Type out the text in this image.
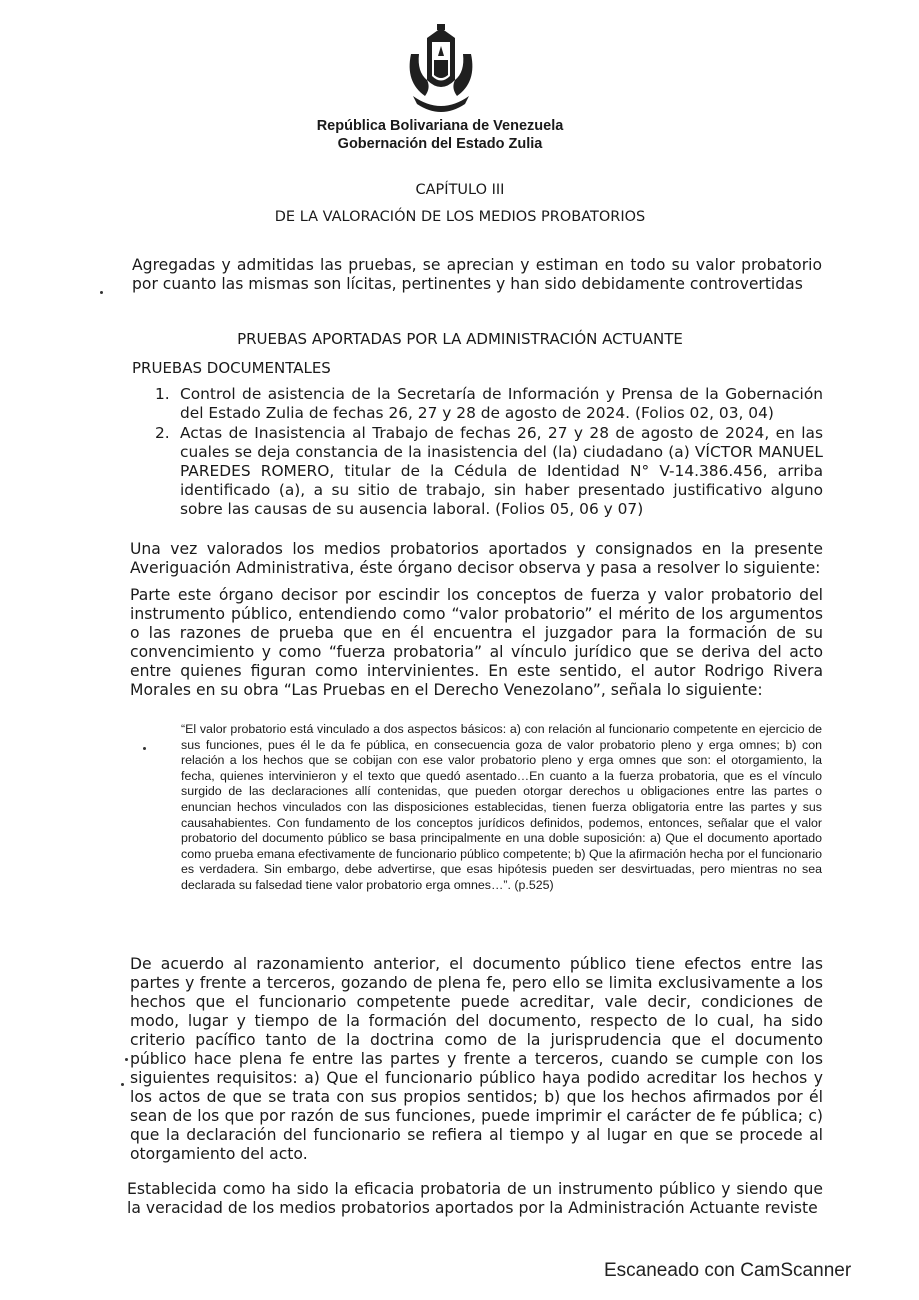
República Bolivariana de Venezuela
Gobernación del Estado Zulia
CAPÍTULO III
DE LA VALORACIÓN DE LOS MEDIOS PROBATORIOS

Agregadas y admitidas las pruebas, se aprecian y estiman en todo su valor probatorio por cuanto las mismas son lícitas, pertinentes y han sido debidamente controvertidas

PRUEBAS APORTADAS POR LA ADMINISTRACIÓN ACTUANTE
PRUEBAS DOCUMENTALES
1. Control de asistencia de la Secretaría de Información y Prensa de la Gobernación del Estado Zulia de fechas 26, 27 y 28 de agosto de 2024. (Folios 02, 03, 04)
2. Actas de Inasistencia al Trabajo de fechas 26, 27 y 28 de agosto de 2024, en las cuales se deja constancia de la inasistencia del (la) ciudadano (a) VÍCTOR MANUEL PAREDES ROMERO, titular de la Cédula de Identidad N° V-14.386.456, arriba identificado (a), a su sitio de trabajo, sin haber presentado justificativo alguno sobre las causas de su ausencia laboral. (Folios 05, 06 y 07)

Una vez valorados los medios probatorios aportados y consignados en la presente Averiguación Administrativa, éste órgano decisor observa y pasa a resolver lo siguiente:

Parte este órgano decisor por escindir los conceptos de fuerza y valor probatorio del instrumento público, entendiendo como “valor probatorio” el mérito de los argumentos o las razones de prueba que en él encuentra el juzgador para la formación de su convencimiento y como “fuerza probatoria” al vínculo jurídico que se deriva del acto entre quienes figuran como intervinientes. En este sentido, el autor Rodrigo Rivera Morales en su obra “Las Pruebas en el Derecho Venezolano”, señala lo siguiente:

“El valor probatorio está vinculado a dos aspectos básicos: a) con relación al funcionario competente en ejercicio de sus funciones, pues él le da fe pública, en consecuencia goza de valor probatorio pleno y erga omnes; b) con relación a los hechos que se cobijan con ese valor probatorio pleno y erga omnes que son: el otorgamiento, la fecha, quienes intervinieron y el texto que quedó asentado…En cuanto a la fuerza probatoria, que es el vínculo surgido de las declaraciones allí contenidas, que pueden otorgar derechos u obligaciones entre las partes o enuncian hechos vinculados con las disposiciones establecidas, tienen fuerza obligatoria entre las partes y sus causahabientes. Con fundamento de los conceptos jurídicos definidos, podemos, entonces, señalar que el valor probatorio del documento público se basa principalmente en una doble suposición: a) Que el documento aportado como prueba emana efectivamente de funcionario público competente; b) Que la afirmación hecha por el funcionario es verdadera. Sin embargo, debe advertirse, que esas hipótesis pueden ser desvirtuadas, pero mientras no sea declarada su falsedad tiene valor probatorio erga omnes…”. (p.525)

De acuerdo al razonamiento anterior, el documento público tiene efectos entre las partes y frente a terceros, gozando de plena fe, pero ello se limita exclusivamente a los hechos que el funcionario competente puede acreditar, vale decir, condiciones de modo, lugar y tiempo de la formación del documento, respecto de lo cual, ha sido criterio pacífico tanto de la doctrina como de la jurisprudencia que el documento público hace plena fe entre las partes y frente a terceros, cuando se cumple con los siguientes requisitos: a) Que el funcionario público haya podido acreditar los hechos y los actos de que se trata con sus propios sentidos; b) que los hechos afirmados por él sean de los que por razón de sus funciones, puede imprimir el carácter de fe pública; c) que la declaración del funcionario se refiera al tiempo y al lugar en que se procede al otorgamiento del acto.

Establecida como ha sido la eficacia probatoria de un instrumento público y siendo que la veracidad de los medios probatorios aportados por la Administración Actuante reviste

Escaneado con CamScanner
